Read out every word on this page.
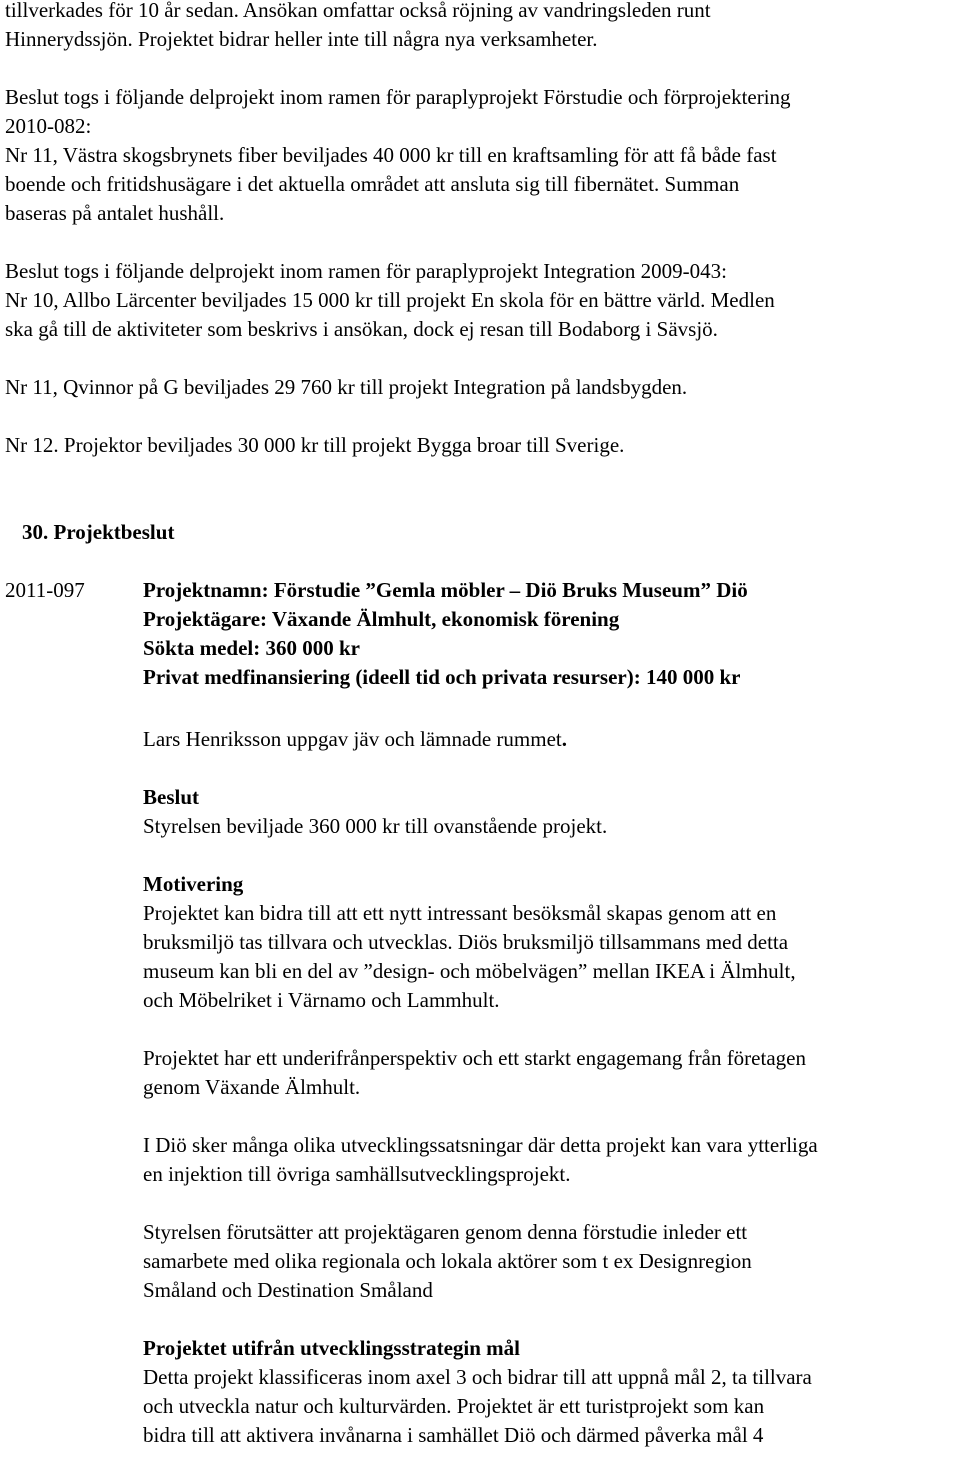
tillverkades för 10 år sedan. Ansökan omfattar också röjning av vandringsleden runt

Hinnerydssjön. Projektet bidrar heller inte till några nya verksamheter.

Beslut togs i följande delprojekt inom ramen för paraplyprojekt Förstudie och förprojektering

2010-082:

Nr 11, Västra skogsbrynets fiber beviljades 40 000 kr till en kraftsamling för att få både fast

boende och fritidshusägare i det aktuella området att ansluta sig till fibernätet. Summan

baseras på antalet hushåll.

Beslut togs i följande delprojekt inom ramen för paraplyprojekt Integration 2009-043:

Nr 10, Allbo Lärcenter beviljades 15 000 kr till projekt En skola för en bättre värld. Medlen

ska gå till de aktiviteter som beskrivs i ansökan, dock ej resan till Bodaborg i Sävsjö.

Nr 11, Qvinnor på G beviljades 29 760 kr till projekt Integration på landsbygden.

Nr 12. Projektor beviljades 30 000 kr till projekt Bygga broar till Sverige.

30. Projektbeslut

2011-097	Projektnamn: Förstudie ”Gemla möbler – Diö Bruks Museum” Diö

Projektägare: Växande Älmhult, ekonomisk förening

Sökta medel: 360 000 kr

Privat medfinansiering (ideell tid och privata resurser): 140 000 kr

Lars Henriksson uppgav jäv och lämnade rummet.

Beslut

Styrelsen beviljade 360 000 kr till ovanstående projekt.

Motivering

Projektet kan bidra till att ett nytt intressant besöksmål skapas genom att en

bruksmiljö tas tillvara och utvecklas. Diös bruksmiljö tillsammans med detta

museum kan bli en del av ”design- och möbelvägen” mellan IKEA i Älmhult,

och Möbelriket i Värnamo och Lammhult.

Projektet har ett underifrånperspektiv och ett starkt engagemang från företagen

genom Växande Älmhult.

I Diö sker många olika utvecklingssatsningar där detta projekt kan vara ytterliga

en injektion till övriga samhällsutvecklingsprojekt.

Styrelsen förutsätter att projektägaren genom denna förstudie inleder ett

samarbete med olika regionala och lokala aktörer som t ex Designregion

Småland och Destination Småland

Projektet utifrån utvecklingsstrategin mål

Detta projekt klassificeras inom axel 3 och bidrar till att uppnå mål 2, ta tillvara

och utveckla natur och kulturvärden. Projektet är ett turistprojekt som kan

bidra till att aktivera invånarna i samhället Diö och därmed påverka mål 4
